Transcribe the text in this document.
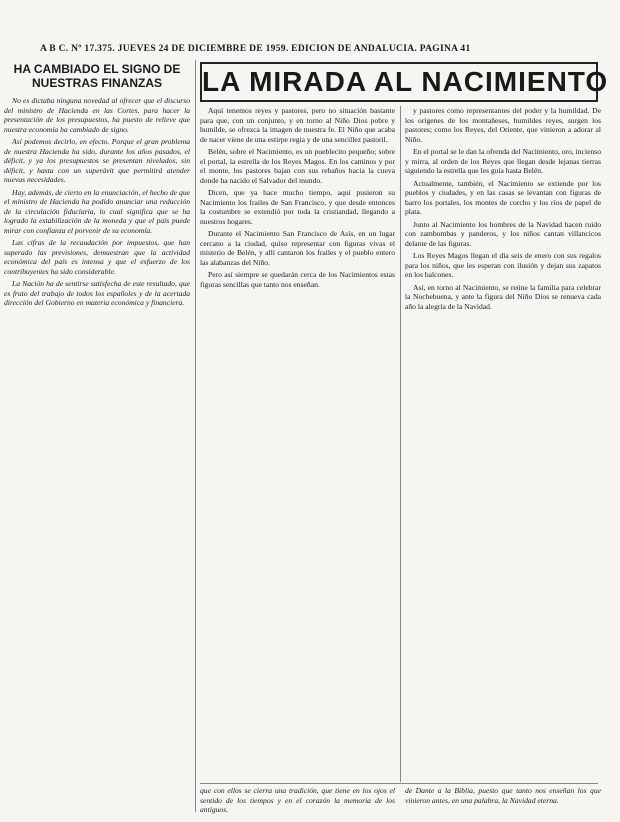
A B C. Nº 17.375. JUEVES 24 DE DICIEMBRE DE 1959. EDICION DE ANDALUCIA. PAGINA 41
HA CAMBIADO EL SIGNO DE NUESTRAS FINANZAS

No es dictaba ninguna novedad al ofrecer que el discurso del ministro de Hacienda en las Cortes, para hacer la presentación de los presupuestos, ha puesto de relieve que nuestra economía ha cambiado de signo.

Así podemos decirlo, en efecto. Porque el gran problema de nuestra Hacienda ha sido, durante los años pasados, el déficit, y ya los presupuestos se presentan nivelados, sin déficit, y hasta con un superávit que permitirá atender nuevas necesidades.

Hay, además, de cierto en la enunciación, el hecho de que el ministro de Hacienda ha podido anunciar una reducción de la circulación fiduciaria, lo cual significa que se ha logrado la estabilización de la moneda y que el país puede mirar con confianza el porvenir de su economía.

Las cifras de la recaudación por impuestos, que han superado las previsiones, demuestran que la actividad económica del país es intensa y que el esfuerzo de los contribuyentes ha sido considerable.

La Nación ha de sentirse satisfecha de este resultado, que es fruto del trabajo de todos los españoles y de la acertada dirección del Gobierno en materia económica y financiera.

LA MIRADA AL NACIMIENTO

Aquí tenemos reyes y pastores, pero no situación bastante para que, con un conjunto, y en torno al Niño Dios pobre y humilde, se ofrezca la imagen de nuestra fe. El Niño que acaba de nacer viene de una estirpe regia y de una sencillez pastoril.

Belén, sobre el Nacimiento, es un pueblecito pequeño; sobre el portal, la estrella de los Reyes Magos. En los caminos y por el monte, los pastores bajan con sus rebaños hacia la cueva donde ha nacido el Salvador del mundo.

Dicen, que ya hace mucho tiempo, aquí pusieron su Nacimiento los frailes de San Francisco, y que desde entonces la costumbre se extendió por toda la cristiandad, llegando a nuestros hogares.

Durante el Nacimiento San Francisco de Asís, en un lugar cercano a la ciudad, quiso representar con figuras vivas el misterio de Belén, y allí cantaron los frailes y el pueblo entero las alabanzas del Niño.

Pero así siempre se quedarán cerca de los Nacimientos estas figuras sencillas que tanto nos enseñan.

y pastores como representantes del poder y la humildad. De los orígenes de los montañeses, humildes reyes, surgen los pastores; como los Reyes, del Oriente, que vinieron a adorar al Niño.

En el portal se le dan la ofrenda del Nacimiento, oro, incienso y mirra, al orden de los Reyes que llegan desde lejanas tierras siguiendo la estrella que les guía hasta Belén.

Actualmente, también, el Nacimiento se extiende por los pueblos y ciudades, y en las casas se levantan con figuras de barro los portales, los montes de corcho y los ríos de papel de plata.

Junto al Nacimiento los hombres de la Navidad hacen ruido con zambombas y panderos, y los niños cantan villancicos delante de las figuras.

Los Reyes Magos llegan el día seis de enero con sus regalos para los niños, que les esperan con ilusión y dejan sus zapatos en los balcones.

Así, en torno al Nacimiento, se reúne la familia para celebrar la Nochebuena, y ante la figura del Niño Dios se renueva cada año la alegría de la Navidad.

que con ellos se cierra una tradición, que tiene en los ojos el sentido de los tiempos y en el corazón la memoria de los antiguos.
de Dante a la Biblia, puesto que tanto nos enseñan los que vinieron antes, en una palabra, la Navidad eterna.
